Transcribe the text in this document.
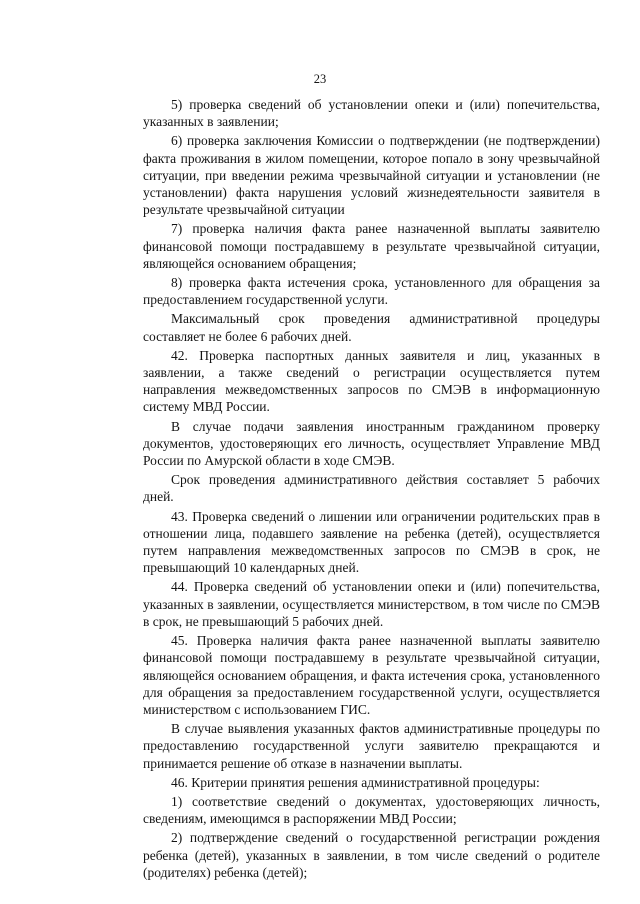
23

5) проверка сведений об установлении опеки и (или) попечительства, указанных в заявлении;

6) проверка заключения Комиссии о подтверждении (не подтверждении) факта проживания в жилом помещении, которое попало в зону чрезвычайной ситуации, при введении режима чрезвычайной ситуации и установлении (не установлении) факта нарушения условий жизнедеятельности заявителя в результате чрезвычайной ситуации

7) проверка наличия факта ранее назначенной выплаты заявителю финансовой помощи пострадавшему в результате чрезвычайной ситуации, являющейся основанием обращения;

8) проверка факта истечения срока, установленного для обращения за предоставлением государственной услуги.

Максимальный срок проведения административной процедуры составляет не более 6 рабочих дней.

42. Проверка паспортных данных заявителя и лиц, указанных в заявлении, а также сведений о регистрации осуществляется путем направления межведомственных запросов по СМЭВ в информационную систему МВД России.

В случае подачи заявления иностранным гражданином проверку документов, удостоверяющих его личность, осуществляет Управление МВД России по Амурской области в ходе СМЭВ.

Срок проведения административного действия составляет 5 рабочих дней.

43. Проверка сведений о лишении или ограничении родительских прав в отношении лица, подавшего заявление на ребенка (детей), осуществляется путем направления межведомственных запросов по СМЭВ в срок, не превышающий 10 календарных дней.

44. Проверка сведений об установлении опеки и (или) попечительства, указанных в заявлении, осуществляется министерством, в том числе по СМЭВ в срок, не превышающий 5 рабочих дней.

45. Проверка наличия факта ранее назначенной выплаты заявителю финансовой помощи пострадавшему в результате чрезвычайной ситуации, являющейся основанием обращения, и факта истечения срока, установленного для обращения за предоставлением государственной услуги, осуществляется министерством с использованием ГИС.

В случае выявления указанных фактов административные процедуры по предоставлению государственной услуги заявителю прекращаются и принимается решение об отказе в назначении выплаты.

46. Критерии принятия решения административной процедуры:

1) соответствие сведений о документах, удостоверяющих личность, сведениям, имеющимся в распоряжении МВД России;

2) подтверждение сведений о государственной регистрации рождения ребенка (детей), указанных в заявлении, в том числе сведений о родителе (родителях) ребенка (детей);
